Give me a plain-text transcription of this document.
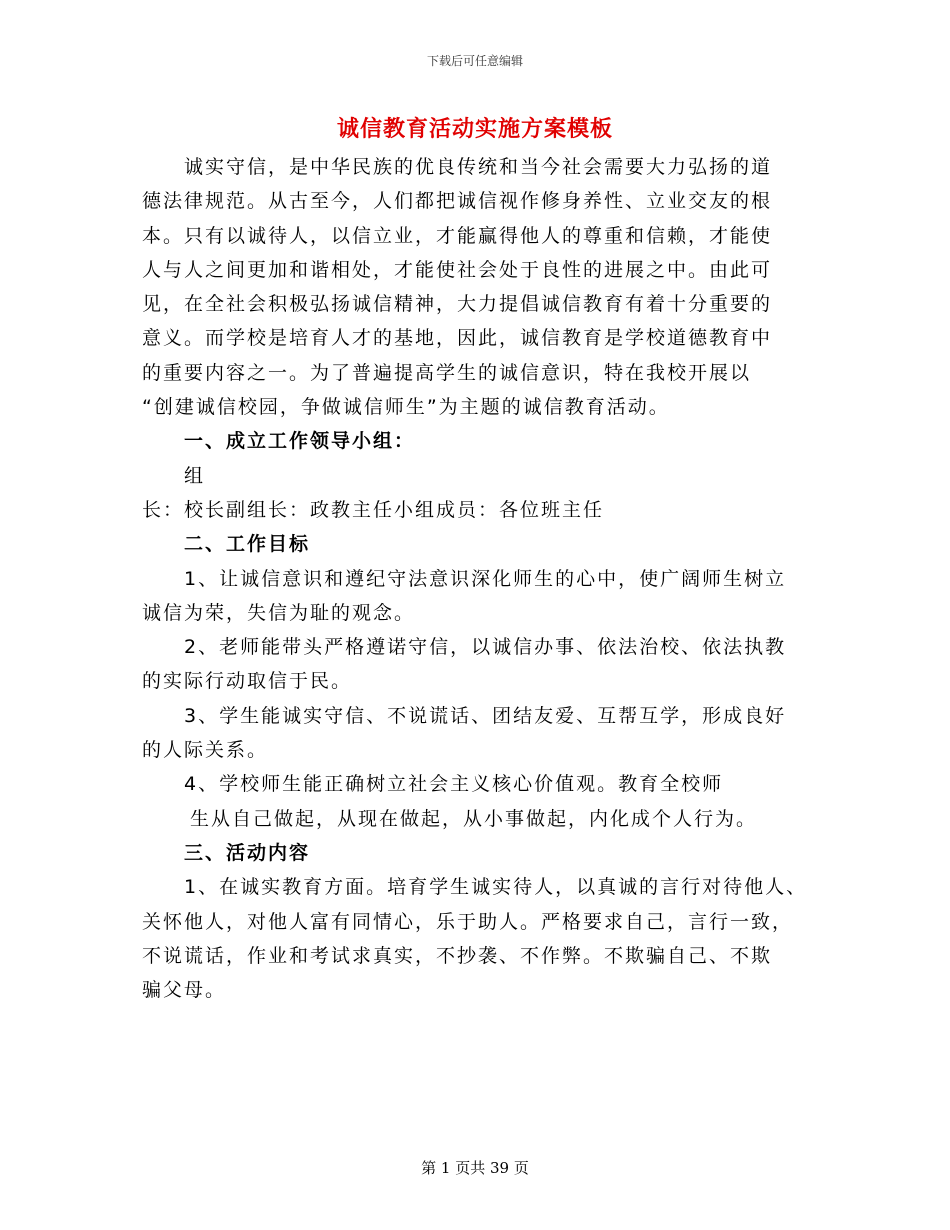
下载后可任意编辑
诚信教育活动实施方案模板
诚实守信，是中华民族的优良传统和当今社会需要大力弘扬的道
德法律规范。从古至今，人们都把诚信视作修身养性、立业交友的根
本。只有以诚待人，以信立业，才能赢得他人的尊重和信赖，才能使
人与人之间更加和谐相处，才能使社会处于良性的进展之中。由此可
见，在全社会积极弘扬诚信精神，大力提倡诚信教育有着十分重要的
意义。而学校是培育人才的基地，因此，诚信教育是学校道德教育中
的重要内容之一。为了普遍提高学生的诚信意识，特在我校开展以
“创建诚信校园，争做诚信师生”为主题的诚信教育活动。
一、成立工作领导小组：
组
长：校长副组长：政教主任小组成员：各位班主任
二、工作目标
1、让诚信意识和遵纪守法意识深化师生的心中，使广阔师生树立
诚信为荣，失信为耻的观念。
2、老师能带头严格遵诺守信，以诚信办事、依法治校、依法执教
的实际行动取信于民。
3、学生能诚实守信、不说谎话、团结友爱、互帮互学，形成良好
的人际关系。
4、学校师生能正确树立社会主义核心价值观。教育全校师
生从自己做起，从现在做起，从小事做起，内化成个人行为。
三、活动内容
1、在诚实教育方面。培育学生诚实待人，以真诚的言行对待他人、
关怀他人，对他人富有同情心，乐于助人。严格要求自己，言行一致，
不说谎话，作业和考试求真实，不抄袭、不作弊。不欺骗自己、不欺
骗父母。
第 1 页共 39 页
